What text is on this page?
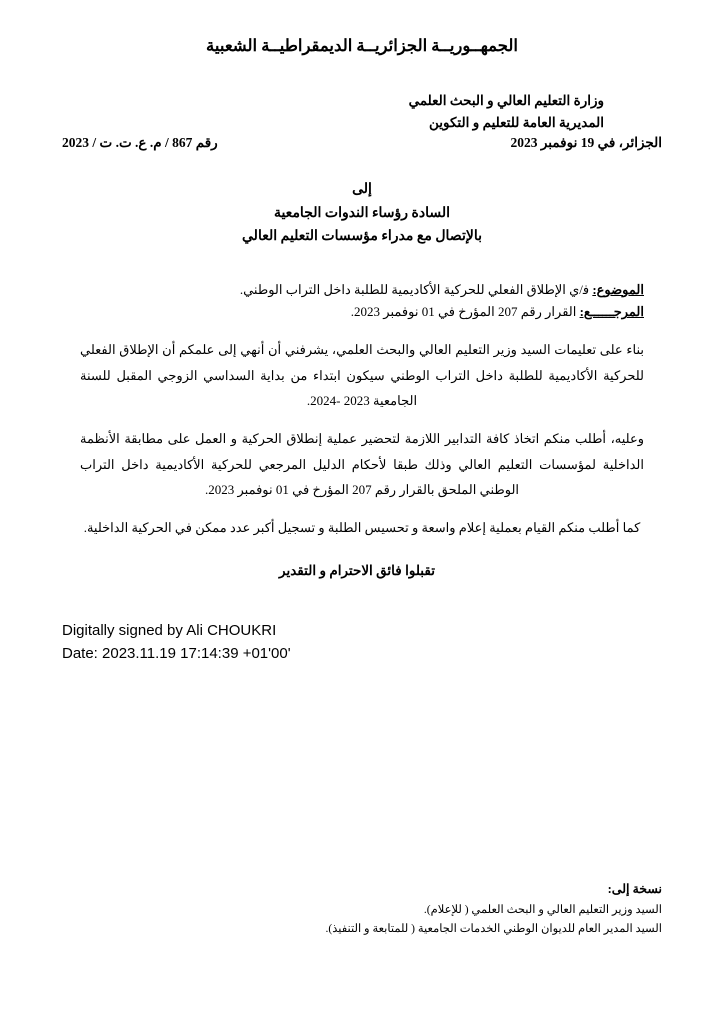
الجمهــوريــة الجزائريــة الديمقراطيــة الشعبية
وزارة التعليم العالي و البحث العلمي
المديرية العامة للتعليم و التكوين
رقم 867 / م. ع. ت. ت / 2023	الجزائر، في 19 نوفمبر 2023
إلى
السادة رؤساء الندوات الجامعية
بالإتصال مع مدراء مؤسسات التعليم العالي
الموضوع: ف‍/ي الإطلاق الفعلي للحركية الأكاديمية للطلبة داخل التراب الوطني.
المرجــــــع: القرار رقم 207 المؤرخ في 01 نوفمبر 2023.

بناء على تعليمات السيد وزير التعليم العالي والبحث العلمي، يشرفني أن أنهي إلى علمكم أن الإطلاق الفعلي للحركية الأكاديمية للطلبة داخل التراب الوطني سيكون ابتداء من بداية السداسي الزوجي المقبل للسنة الجامعية 2023 -2024.

وعليه، أطلب منكم اتخاذ كافة التدابير اللازمة لتحضير عملية إنطلاق الحركية و العمل على مطابقة الأنظمة الداخلية لمؤسسات التعليم العالي وذلك طبقا لأحكام الدليل المرجعي للحركية الأكاديمية داخل التراب الوطني الملحق بالقرار رقم 207 المؤرخ في 01 نوفمبر 2023.

كما أطلب منكم القيام بعملية إعلام واسعة و تحسيس الطلبة و تسجيل أكبر عدد ممكن في الحركية الداخلية.

تقبلوا فائق الاحترام و التقدير
Digitally signed by Ali CHOUKRI
Date: 2023.11.19 17:14:39 +01'00'
نسخة إلى:
السيد وزير التعليم العالي و البحث العلمي ( للإعلام).
السيد المدير العام للديوان الوطني الخدمات الجامعية ( للمتابعة و التنفيذ).
